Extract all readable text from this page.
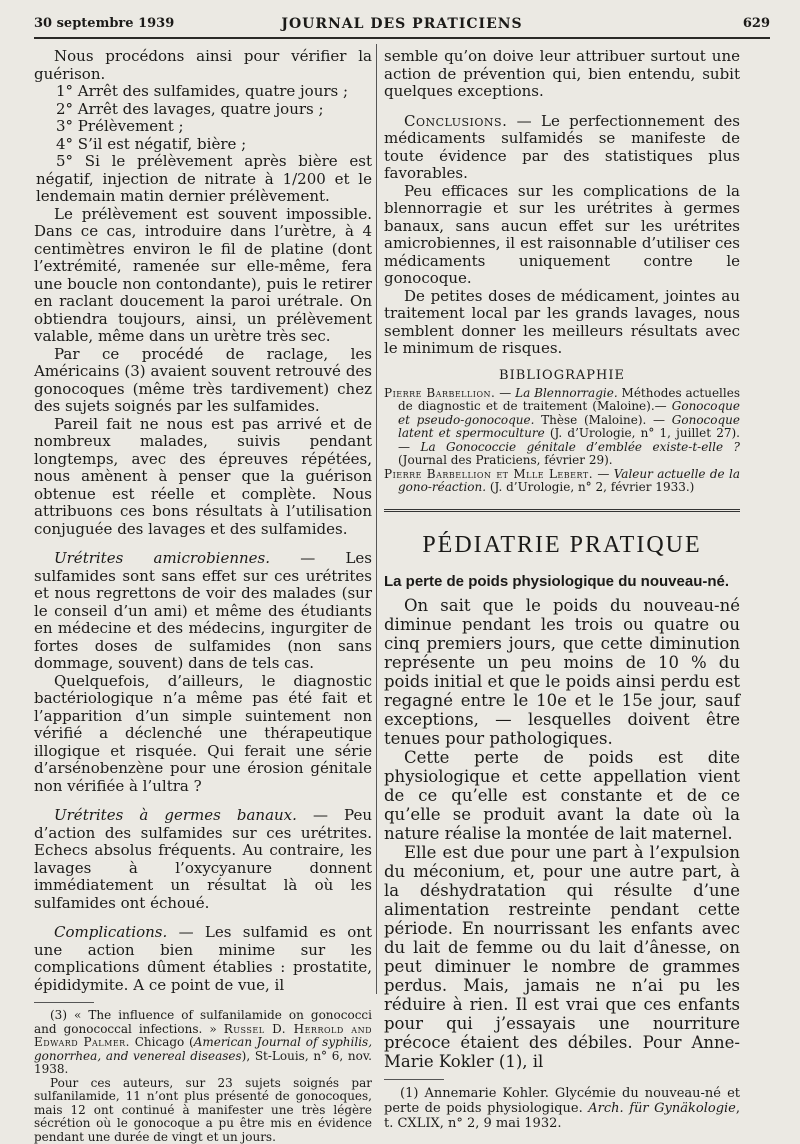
30 septembre 1939	JOURNAL DES PRATICIENS	629

Nous procédons ainsi pour vérifier la guérison.

1° Arrêt des sulfamides, quatre jours ;

2° Arrêt des lavages, quatre jours ;

3° Prélèvement ;

4° S’il est négatif, bière ;

5° Si le prélèvement après bière est négatif, injection de nitrate à 1/200 et le lendemain matin dernier prélèvement.

Le prélèvement est souvent impossible. Dans ce cas, introduire dans l’urètre, à 4 centimètres environ le fil de platine (dont l’extrémité, ramenée sur elle-même, fera une boucle non contondante), puis le retirer en raclant doucement la paroi urétrale. On obtiendra toujours, ainsi, un prélèvement valable, même dans un urètre très sec.

Par ce procédé de raclage, les Américains (3) avaient souvent retrouvé des gonocoques (même très tardivement) chez des sujets soignés par les sulfamides.

Pareil fait ne nous est pas arrivé et de nombreux malades, suivis pendant longtemps, avec des épreuves répétées, nous amènent à penser que la guérison obtenue est réelle et complète. Nous attribuons ces bons résultats à l’utilisation conjuguée des lavages et des sulfamides.

Urétrites amicrobiennes. — Les sulfamides sont sans effet sur ces urétrites et nous regrettons de voir des malades (sur le conseil d’un ami) et même des étudiants en médecine et des médecins, ingurgiter de fortes doses de sulfamides (non sans dommage, souvent) dans de tels cas.

Quelquefois, d’ailleurs, le diagnostic bactériologique n’a même pas été fait et l’apparition d’un simple suintement non vérifié a déclenché une thérapeutique illogique et risquée. Qui ferait une série d’arsénobenzène pour une érosion génitale non vérifiée à l’ultra ?

Urétrites à germes banaux. — Peu d’action des sulfamides sur ces urétrites. Echecs absolus fréquents. Au contraire, les lavages à l’oxycyanure donnent immédiatement un résultat là où les sulfamides ont échoué.

Complications. — Les sulfamid es ont une action bien minime sur les complications dûment établies : prostatite, épididymite. A ce point de vue, il

(3) « The influence of sulfanilamide on gonococci and gonococcal infections. » Russel D. Herrold and Edward Palmer. Chicago (American Journal of syphilis, gonorrhea, and venereal diseases), St-Louis, n° 6, nov. 1938.

Pour ces auteurs, sur 23 sujets soignés par sulfanilamide, 11 n’ont plus présenté de gonocoques, mais 12 ont continué à manifester une très légère sécrétion où le gonocoque a pu être mis en évidence pendant une durée de vingt et un jours.

semble qu’on doive leur attribuer surtout une action de prévention qui, bien entendu, subit quelques exceptions.

Conclusions. — Le perfectionnement des médicaments sulfamidés se manifeste de toute évidence par des statistiques plus favorables.

Peu efficaces sur les complications de la blennorragie et sur les urétrites à germes banaux, sans aucun effet sur les urétrites amicrobiennes, il est raisonnable d’utiliser ces médicaments uniquement contre le gonocoque.

De petites doses de médicament, jointes au traitement local par les grands lavages, nous semblent donner les meilleurs résultats avec le minimum de risques.

BIBLIOGRAPHIE

Pierre Barbellion. — La Blennorragie. Méthodes actuelles de diagnostic et de traitement (Maloine).— Gonocoque et pseudo-gonocoque. Thèse (Maloine). — Gonocoque latent et spermoculture (J. d’Urologie, n° 1, juillet 27). — La Gonococcie génitale d’emblée existe-t-elle ? (Journal des Praticiens, février 29).

Pierre Barbellion et Mlle Lebert. — Valeur actuelle de la gono-réaction. (J. d’Urologie, n° 2, février 1933.)

PÉDIATRIE PRATIQUE
La perte de poids physiologique du nouveau-né.

On sait que le poids du nouveau-né diminue pendant les trois ou quatre ou cinq premiers jours, que cette diminution représente un peu moins de 10 % du poids initial et que le poids ainsi perdu est regagné entre le 10e et le 15e jour, sauf exceptions, — lesquelles doivent être tenues pour pathologiques.

Cette perte de poids est dite physiologique et cette appellation vient de ce qu’elle est constante et de ce qu’elle se produit avant la date où la nature réalise la montée de lait maternel.

Elle est due pour une part à l’expulsion du méconium, et, pour une autre part, à la déshydratation qui résulte d’une alimentation restreinte pendant cette période. En nourrissant les enfants avec du lait de femme ou du lait d’ânesse, on peut diminuer le nombre de grammes perdus. Mais, jamais ne n’ai pu les réduire à rien. Il est vrai que ces enfants pour qui j’essayais une nourriture précoce étaient des débiles. Pour Anne-Marie Kokler (1), il

(1) Annemarie Kohler. Glycémie du nouveau-né et perte de poids physiologique. Arch. für Gynäkologie, t. CXLIX, n° 2, 9 mai 1932.
